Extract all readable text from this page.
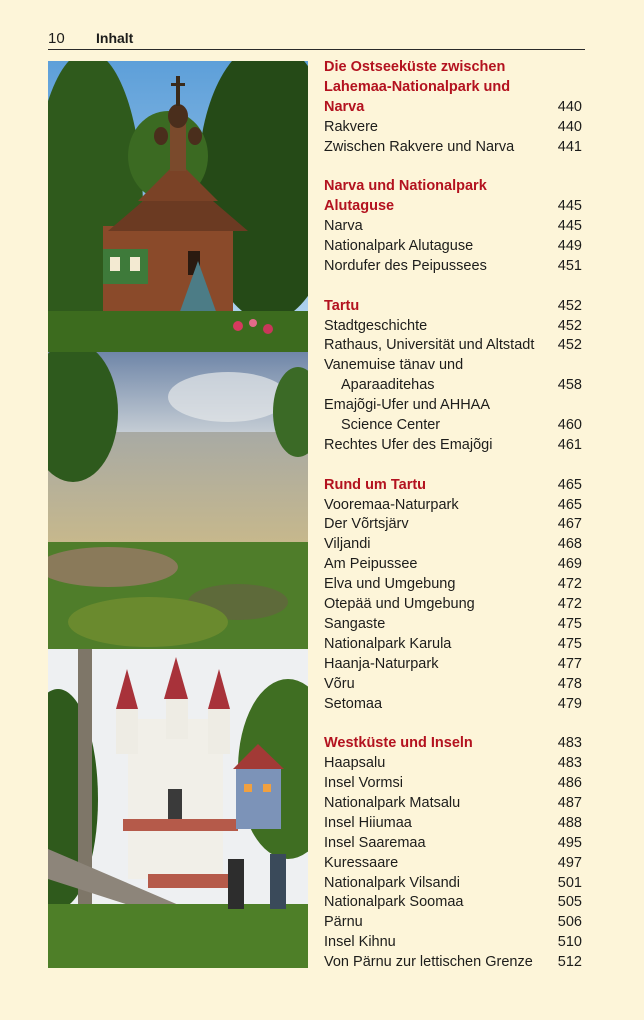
10 Inhalt
Die Ostseeküste zwischen
Lahemaa-Nationalpark und
Narva	440
Rakvere	440
Zwischen Rakvere und Narva	441
Narva und Nationalpark
Alutaguse	445
Narva	445
Nationalpark Alutaguse	449
Nordufer des Peipussees	451
Tartu	452
Stadtgeschichte	452
Rathaus, Universität und Altstadt 452
Vanemuise tänav und
Aparaaditehas	458
Emajõgi-Ufer und AHHAA
Science Center	460
Rechtes Ufer des Emajõgi	461
Rund um Tartu	465
Vooremaa-Naturpark	465
Der Võrtsjärv	467
Viljandi	468
Am Peipussee	469
Elva und Umgebung	472
Otepää und Umgebung	472
Sangaste	475
Nationalpark Karula	475
Haanja-Naturpark	477
Võru	478
Setomaa	479
Westküste und Inseln	483
Haapsalu	483
Insel Vormsi	486
Nationalpark Matsalu	487
Insel Hiiumaa	488
Insel Saaremaa	495
Kuressaare	497
Nationalpark Vilsandi	501
Nationalpark Soomaa	505
Pärnu	506
Insel Kihnu	510
Von Pärnu zur lettischen Grenze 512
